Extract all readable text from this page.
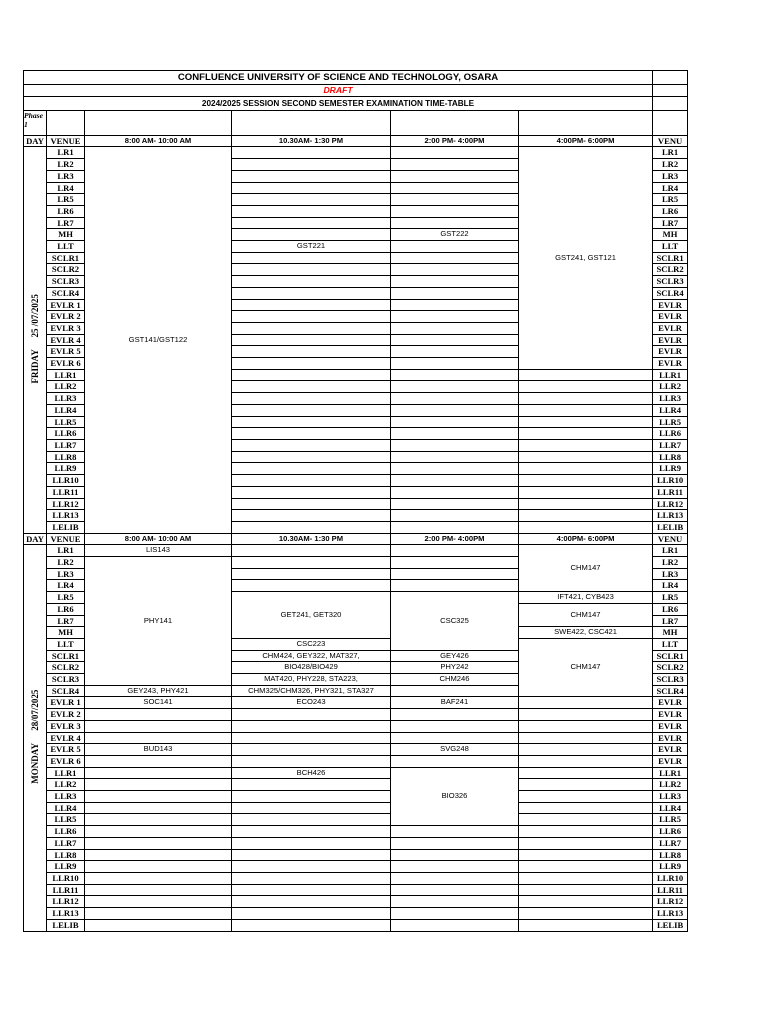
CONFLUENCE UNIVERSITY OF SCIENCE AND TECHNOLOGY, OSARA						
DRAFT						
2024/2025 SESSION SECOND SEMESTER EXAMINATION TIME-TABLE						
Phase 1						
DAY	VENUE	8:00 AM- 10:00 AM	10.30AM- 1:30 PM	2:00 PM- 4:00PM	4:00PM- 6:00PM	VENU
FRIDAY25 /07/2025	LR1	GST141/GST122			GST241, GST121	LR1
	LR2					LR2
	LR3					LR3
	LR4					LR4
	LR5					LR5
	LR6					LR6
	LR7					LR7
	MH			GST222		MH
	LLT		GST221			LLT
	SCLR1					SCLR1
	SCLR2					SCLR2
	SCLR3					SCLR3
	SCLR4					SCLR4
	EVLR 1					EVLR
	EVLR 2					EVLR
	EVLR 3					EVLR
	EVLR 4					EVLR
	EVLR 5					EVLR
	EVLR 6					EVLR
	LLR1					LLR1
	LLR2					LLR2
	LLR3					LLR3
	LLR4					LLR4
	LLR5					LLR5
	LLR6					LLR6
	LLR7					LLR7
	LLR8					LLR8
	LLR9					LLR9
	LLR10					LLR10
	LLR11					LLR11
	LLR12					LLR12
	LLR13					LLR13
	LELIB					LELIB
DAY	VENUE	8:00 AM- 10:00 AM	10.30AM- 1:30 PM	2:00 PM- 4:00PM	4:00PM- 6:00PM	VENU
MONDAY28/07/2025	LR1	LIS143			CHM147	LR1
	LR2	PHY141				LR2
	LR3					LR3
	LR4					LR4
	LR5		GET241, GET320	CSC325	IFT421, CYB423	LR5
	LR6				CHM147	LR6
	LR7					LR7
	MH				SWE422, CSC421	MH
	LLT		CSC223		CHM147	LLT
	SCLR1		CHM424, GEY322, MAT327,	GEY426		SCLR1
	SCLR2		BIO428/BIO429	PHY242		SCLR2
	SCLR3		MAT420, PHY228, STA223,	CHM246		SCLR3
	SCLR4	GEY243, PHY421	CHM325/CHM326, PHY321, STA327			SCLR4
	EVLR 1	SOC141	ECO243	BAF241		EVLR
	EVLR 2					EVLR
	EVLR 3					EVLR
	EVLR 4					EVLR
	EVLR 5	BUD143		SVG248		EVLR
	EVLR 6					EVLR
	LLR1		BCH426	BIO326		LLR1
	LLR2					LLR2
	LLR3					LLR3
	LLR4					LLR4
	LLR5					LLR5
	LLR6					LLR6
	LLR7					LLR7
	LLR8					LLR8
	LLR9					LLR9
	LLR10					LLR10
	LLR11					LLR11
	LLR12					LLR12
	LLR13					LLR13
	LELIB					LELIB
